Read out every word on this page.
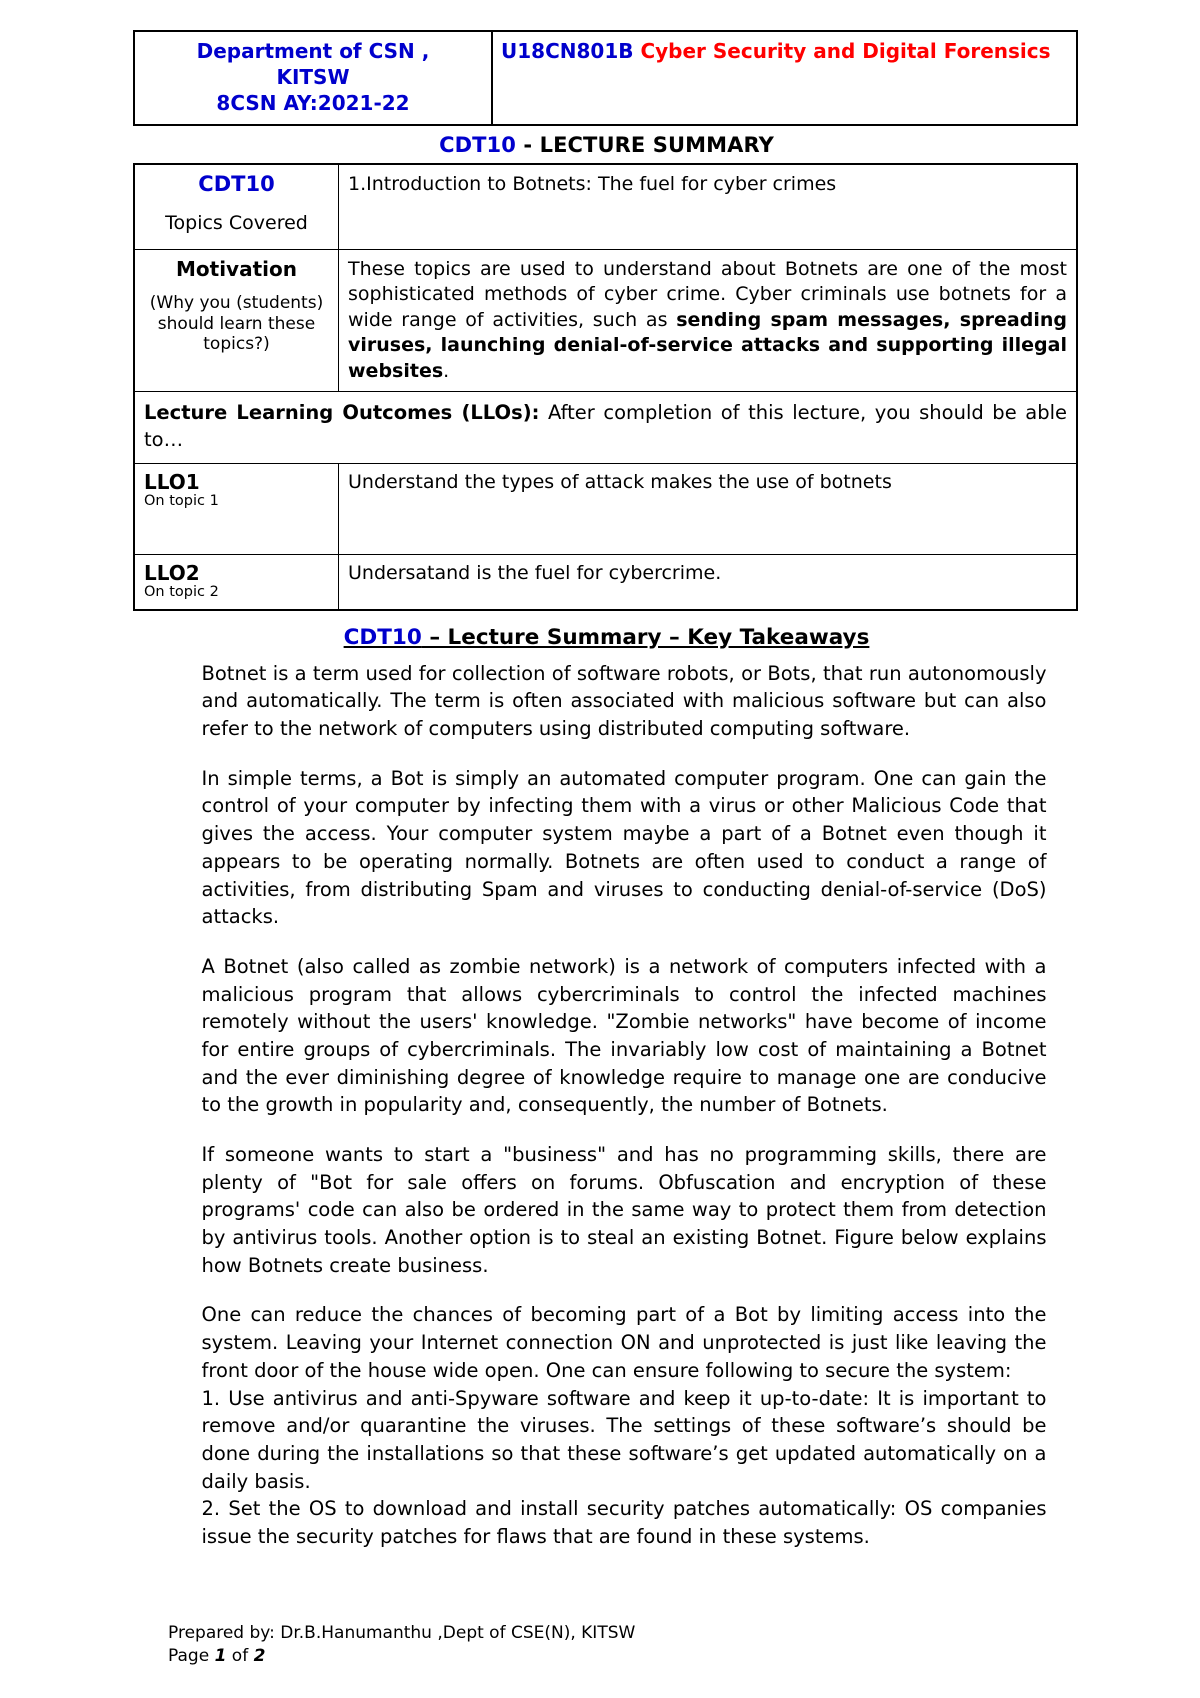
Department of CSN ,
KITSW
8CSN AY:2021-22
	U18CN801B Cyber Security and Digital Forensics
CDT10 - LECTURE SUMMARY
CDT10
Topics Covered	1.Introduction to Botnets: The fuel for cyber crimes

Motivation
(Why you (students) should learn these topics?)	These topics are used to understand about Botnets are one of the most sophisticated methods of cyber crime. Cyber criminals use botnets for a wide range of activities, such as sending spam messages, spreading viruses, launching denial-of-service attacks and supporting illegal websites.
Lecture Learning Outcomes (LLOs): After completion of this lecture, you should be able to…	

LLO1
On topic 1	Understand the types of attack makes the use of botnets

LLO2
On topic 2	Undersatand is the fuel for cybercrime.
CDT10 – Lecture Summary – Key Takeaways

Botnet is a term used for collection of software robots, or Bots, that run autonomously and automatically. The term is often associated with malicious software but can also refer to the network of computers using distributed computing software.

In simple terms, a Bot is simply an automated computer program. One can gain the control of your computer by infecting them with a virus or other Malicious Code that gives the access. Your computer system maybe a part of a Botnet even though it appears to be operating normally. Botnets are often used to conduct a range of activities, from distributing Spam and viruses to conducting denial-of-service (DoS) attacks.

A Botnet (also called as zombie network) is a network of computers infected with a malicious program that allows cybercriminals to control the infected machines remotely without the users' knowledge. "Zombie networks" have become of income for entire groups of cybercriminals. The invariably low cost of maintaining a Botnet and the ever diminishing degree of knowledge require to manage one are conducive to the growth in popularity and, consequently, the number of Botnets.

If someone wants to start a "business" and has no programming skills, there are plenty of "Bot for sale offers on forums. Obfuscation and encryption of these programs' code can also be ordered in the same way to protect them from detection by antivirus tools. Another option is to steal an existing Botnet. Figure below explains how Botnets create business.

One can reduce the chances of becoming part of a Bot by limiting access into the system. Leaving your Internet connection ON and unprotected is just like leaving the front door of the house wide open. One can ensure following to secure the system:

1. Use antivirus and anti-Spyware software and keep it up-to-date: It is important to remove and/or quarantine the viruses. The settings of these software’s should be done during the installations so that these software’s get updated automatically on a daily basis.

2. Set the OS to download and install security patches automatically: OS companies issue the security patches for flaws that are found in these systems.

Prepared by: Dr.B.Hanumanthu ,Dept of CSE(N), KITSW
Page 1 of 2
